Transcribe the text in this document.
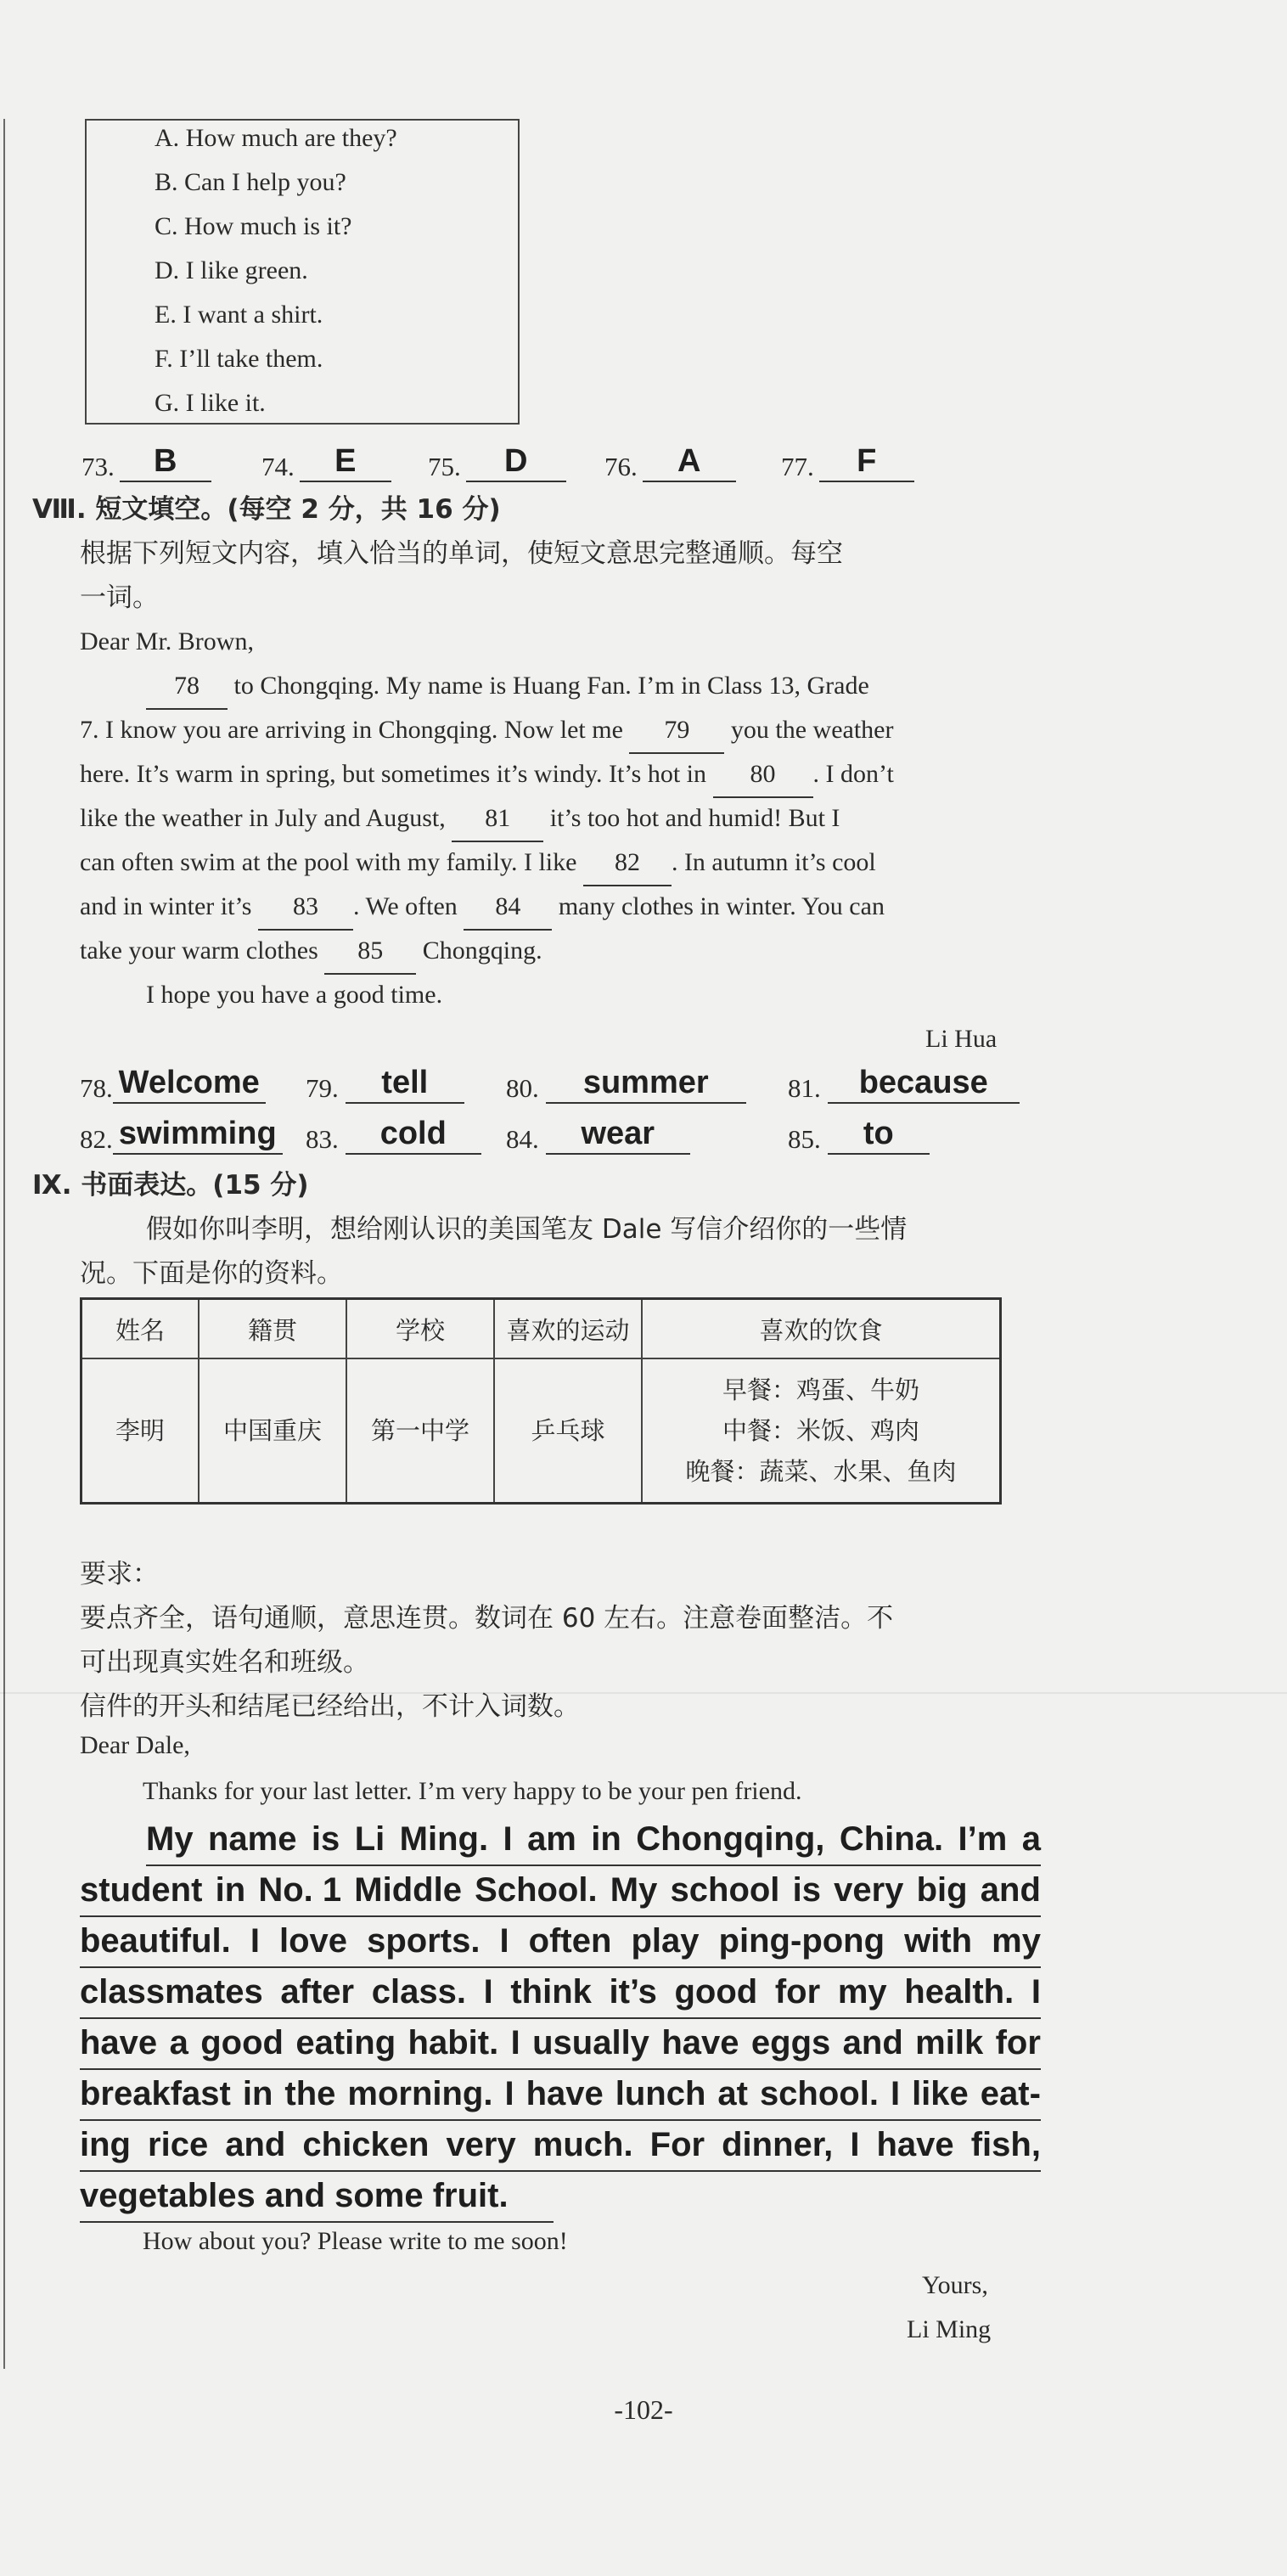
A. How much are they?
B. Can I help you?
C. How much is it?
D. I like green.
E. I want a shirt.
F. I’ll take them.
G. I like it.
73.	B	74.	E	75.	D	76.	A	77.	F
Ⅷ. 短文填空。(每空 2 分，共 16 分)
根据下列短文内容，填入恰当的单词，使短文意思完整通顺。每空
一词。
Dear Mr. Brown,
78 to Chongqing. My name is Huang Fan. I’m in Class 13, Grade
7. I know you are arriving in Chongqing. Now let me 79 you the weather
here. It’s warm in spring, but sometimes it’s windy. It’s hot in 80 . I don’t
like the weather in July and August, 81 it’s too hot and humid! But I
can often swim at the pool with my family. I like 82 . In autumn it’s cool
and in winter it’s 83 . We often 84 many clothes in winter. You can
take your warm clothes 85 Chongqing.
I hope you have a good time.
Li Hua
78. Welcome 79.	tell	80.	summer	81.	because
82. swimming 83.	cold	84.	wear	85.	to
Ⅸ. 书面表达。(15 分)
假如你叫李明，想给刚认识的美国笔友 Dale 写信介绍你的一些情
况。下面是你的资料。
姓名	籍贯	学校	喜欢的运动	喜欢的饮食
李明	中国重庆	第一中学	乒乓球	早餐：鸡蛋、牛奶
中餐：米饭、鸡肉
晚餐：蔬菜、水果、鱼肉
要求：
要点齐全，语句通顺，意思连贯。数词在 60 左右。注意卷面整洁。不
可出现真实姓名和班级。
信件的开头和结尾已经给出，不计入词数。
Dear Dale,
Thanks for your last letter. I’m very happy to be your pen friend.
My name is Li Ming. I am in Chongqing, China. I’m a
student in No. 1 Middle School. My school is very big and
beautiful. I love sports. I often play ping-pong with my
classmates after class. I think it’s good for my health. I
have a good eating habit. I usually have eggs and milk for
breakfast in the morning. I have lunch at school. I like eat-
ing rice and chicken very much. For dinner, I have fish,
vegetables and some fruit.
How about you? Please write to me soon!
Yours,
Li Ming
-102-
